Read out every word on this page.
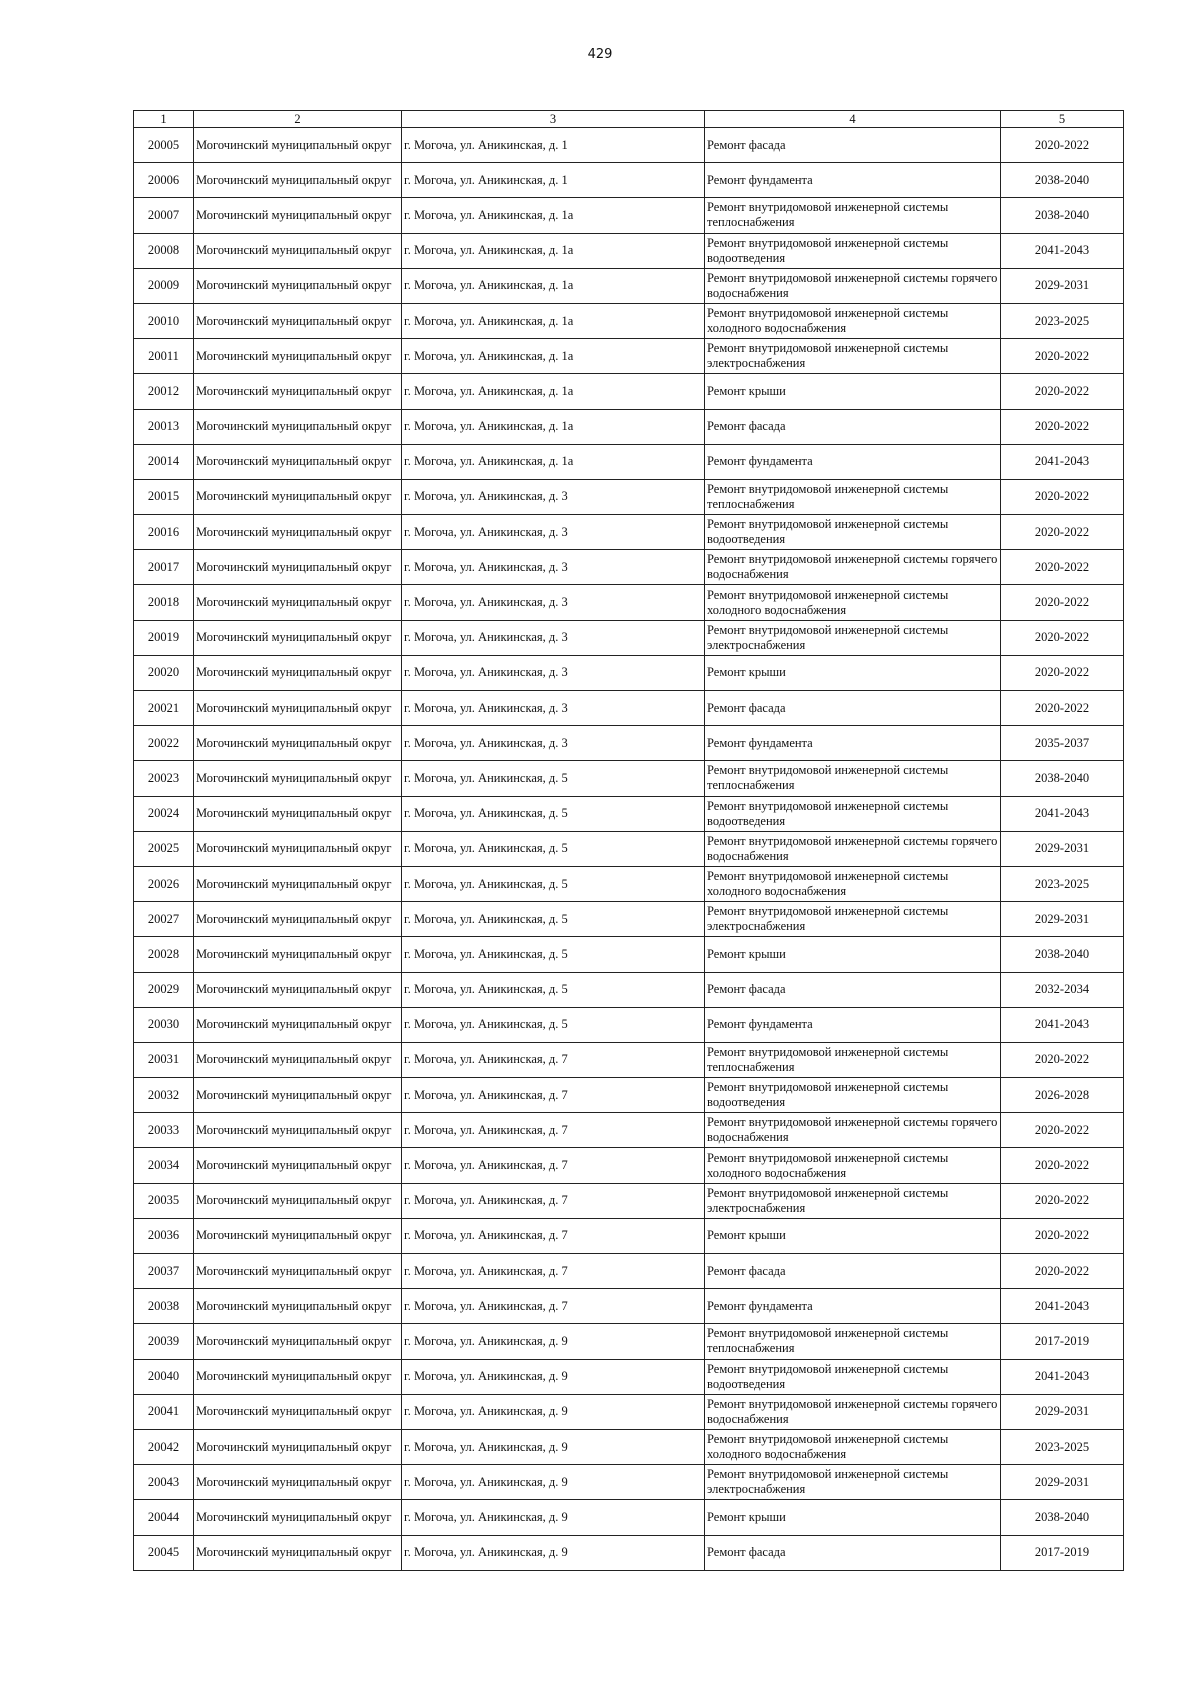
429
1	2	3	4	5
20005	Могочинский муниципальный округ	г. Могоча, ул. Аникинская, д. 1	Ремонт фасада	2020-2022
20006	Могочинский муниципальный округ	г. Могоча, ул. Аникинская, д. 1	Ремонт фундамента	2038-2040
20007	Могочинский муниципальный округ	г. Могоча, ул. Аникинская, д. 1а	Ремонт внутридомовой инженерной системы теплоснабжения	2038-2040
20008	Могочинский муниципальный округ	г. Могоча, ул. Аникинская, д. 1а	Ремонт внутридомовой инженерной системы водоотведения	2041-2043
20009	Могочинский муниципальный округ	г. Могоча, ул. Аникинская, д. 1а	Ремонт внутридомовой инженерной системы горячего водоснабжения	2029-2031
20010	Могочинский муниципальный округ	г. Могоча, ул. Аникинская, д. 1а	Ремонт внутридомовой инженерной системы холодного водоснабжения	2023-2025
20011	Могочинский муниципальный округ	г. Могоча, ул. Аникинская, д. 1а	Ремонт внутридомовой инженерной системы электроснабжения	2020-2022
20012	Могочинский муниципальный округ	г. Могоча, ул. Аникинская, д. 1а	Ремонт крыши	2020-2022
20013	Могочинский муниципальный округ	г. Могоча, ул. Аникинская, д. 1а	Ремонт фасада	2020-2022
20014	Могочинский муниципальный округ	г. Могоча, ул. Аникинская, д. 1а	Ремонт фундамента	2041-2043
20015	Могочинский муниципальный округ	г. Могоча, ул. Аникинская, д. 3	Ремонт внутридомовой инженерной системы теплоснабжения	2020-2022
20016	Могочинский муниципальный округ	г. Могоча, ул. Аникинская, д. 3	Ремонт внутридомовой инженерной системы водоотведения	2020-2022
20017	Могочинский муниципальный округ	г. Могоча, ул. Аникинская, д. 3	Ремонт внутридомовой инженерной системы горячего водоснабжения	2020-2022
20018	Могочинский муниципальный округ	г. Могоча, ул. Аникинская, д. 3	Ремонт внутридомовой инженерной системы холодного водоснабжения	2020-2022
20019	Могочинский муниципальный округ	г. Могоча, ул. Аникинская, д. 3	Ремонт внутридомовой инженерной системы электроснабжения	2020-2022
20020	Могочинский муниципальный округ	г. Могоча, ул. Аникинская, д. 3	Ремонт крыши	2020-2022
20021	Могочинский муниципальный округ	г. Могоча, ул. Аникинская, д. 3	Ремонт фасада	2020-2022
20022	Могочинский муниципальный округ	г. Могоча, ул. Аникинская, д. 3	Ремонт фундамента	2035-2037
20023	Могочинский муниципальный округ	г. Могоча, ул. Аникинская, д. 5	Ремонт внутридомовой инженерной системы теплоснабжения	2038-2040
20024	Могочинский муниципальный округ	г. Могоча, ул. Аникинская, д. 5	Ремонт внутридомовой инженерной системы водоотведения	2041-2043
20025	Могочинский муниципальный округ	г. Могоча, ул. Аникинская, д. 5	Ремонт внутридомовой инженерной системы горячего водоснабжения	2029-2031
20026	Могочинский муниципальный округ	г. Могоча, ул. Аникинская, д. 5	Ремонт внутридомовой инженерной системы холодного водоснабжения	2023-2025
20027	Могочинский муниципальный округ	г. Могоча, ул. Аникинская, д. 5	Ремонт внутридомовой инженерной системы электроснабжения	2029-2031
20028	Могочинский муниципальный округ	г. Могоча, ул. Аникинская, д. 5	Ремонт крыши	2038-2040
20029	Могочинский муниципальный округ	г. Могоча, ул. Аникинская, д. 5	Ремонт фасада	2032-2034
20030	Могочинский муниципальный округ	г. Могоча, ул. Аникинская, д. 5	Ремонт фундамента	2041-2043
20031	Могочинский муниципальный округ	г. Могоча, ул. Аникинская, д. 7	Ремонт внутридомовой инженерной системы теплоснабжения	2020-2022
20032	Могочинский муниципальный округ	г. Могоча, ул. Аникинская, д. 7	Ремонт внутридомовой инженерной системы водоотведения	2026-2028
20033	Могочинский муниципальный округ	г. Могоча, ул. Аникинская, д. 7	Ремонт внутридомовой инженерной системы горячего водоснабжения	2020-2022
20034	Могочинский муниципальный округ	г. Могоча, ул. Аникинская, д. 7	Ремонт внутридомовой инженерной системы холодного водоснабжения	2020-2022
20035	Могочинский муниципальный округ	г. Могоча, ул. Аникинская, д. 7	Ремонт внутридомовой инженерной системы электроснабжения	2020-2022
20036	Могочинский муниципальный округ	г. Могоча, ул. Аникинская, д. 7	Ремонт крыши	2020-2022
20037	Могочинский муниципальный округ	г. Могоча, ул. Аникинская, д. 7	Ремонт фасада	2020-2022
20038	Могочинский муниципальный округ	г. Могоча, ул. Аникинская, д. 7	Ремонт фундамента	2041-2043
20039	Могочинский муниципальный округ	г. Могоча, ул. Аникинская, д. 9	Ремонт внутридомовой инженерной системы теплоснабжения	2017-2019
20040	Могочинский муниципальный округ	г. Могоча, ул. Аникинская, д. 9	Ремонт внутридомовой инженерной системы водоотведения	2041-2043
20041	Могочинский муниципальный округ	г. Могоча, ул. Аникинская, д. 9	Ремонт внутридомовой инженерной системы горячего водоснабжения	2029-2031
20042	Могочинский муниципальный округ	г. Могоча, ул. Аникинская, д. 9	Ремонт внутридомовой инженерной системы холодного водоснабжения	2023-2025
20043	Могочинский муниципальный округ	г. Могоча, ул. Аникинская, д. 9	Ремонт внутридомовой инженерной системы электроснабжения	2029-2031
20044	Могочинский муниципальный округ	г. Могоча, ул. Аникинская, д. 9	Ремонт крыши	2038-2040
20045	Могочинский муниципальный округ	г. Могоча, ул. Аникинская, д. 9	Ремонт фасада	2017-2019
